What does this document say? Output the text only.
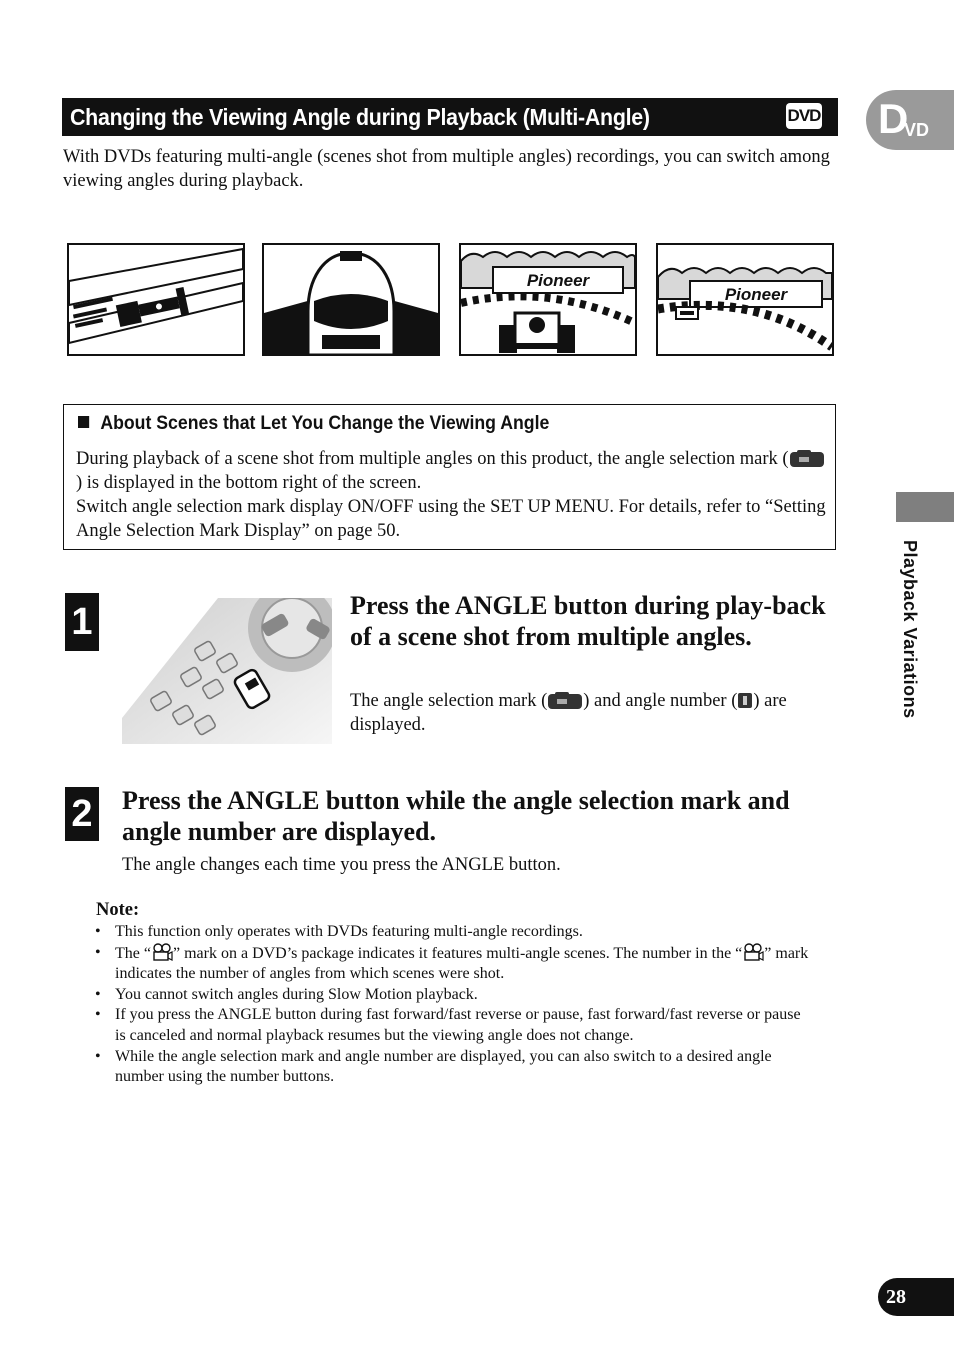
Changing the Viewing Angle during Playback (Multi-Angle)	DVD D
VD
With DVDs featuring multi-angle (scenes shot from multiple angles) recordings, you can switch among viewing angles during playback.
Pioneer
Pioneer
About Scenes that Let You Change the Viewing Angle
During playback of a scene shot from multiple angles on this product, the angle selection mark () is displayed in the bottom right of the screen.
Switch angle selection mark display ON/OFF using the SET UP MENU. For details, refer to “Setting Angle Selection Mark Display” on page 50.
1	Press the ANGLE button during play-back of a scene shot from multiple angles.
The angle selection mark ( ) and angle number ( ) are displayed.
2 Press the ANGLE button while the angle selection mark and angle number are displayed.
The angle changes each time you press the ANGLE button.
Note:
• This function only operates with DVDs featuring multi-angle recordings.
• The “ ” mark on a DVD’s package indicates it features multi-angle scenes. The number in the “ ” mark indicates the number of angles from which scenes were shot.
• You cannot switch angles during Slow Motion playback.
• If you press the ANGLE button during fast forward/fast reverse or pause, fast forward/fast reverse or pause is canceled and normal playback resumes but the viewing angle does not change.
• While the angle selection mark and angle number are displayed, you can also switch to a desired angle number using the number buttons.
Playback Variations
28
